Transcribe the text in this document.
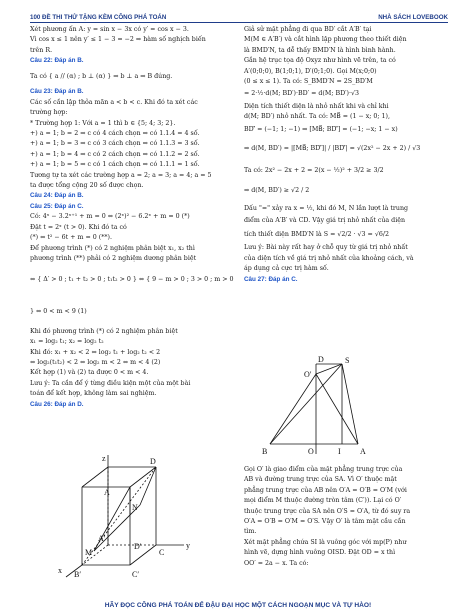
100 ĐỀ THI THỬ TẶNG KÈM CÔNG PHÁ TOÁN	NHÀ SÁCH LOVEBOOK

Xét phương ấn A: y = sin x − 3x có y′ = cos x − 3.

Vì cos x ≤ 1 nên y′ ≤ 1 − 3 = −2 ⇒ hàm số nghịch biến

trên R.

Câu 22: Đáp án B.

Ta có { a // (α) ; b ⊥ (α) } ⇒ b ⊥ a ⇒ B đúng.

Câu 23: Đáp án B.

Các số cần lập thỏa mãn a < b < c. Khi đó ta xét các

trường hợp:

* Trường hợp 1: Với a = 1 thì b ∈ {5; 4; 3; 2}.

+) a = 1; b = 2 ⇒ c có 4 cách chọn ⇒ có 1.1.4 = 4 số.

+) a = 1; b = 3 ⇒ c có 3 cách chọn ⇒ có 1.1.3 = 3 số.

+) a = 1; b = 4 ⇒ c có 2 cách chọn ⇒ có 1.1.2 = 2 số.

+) a = 1; b = 5 ⇒ c có 1 cách chọn ⇒ có 1.1.1 = 1 số.

Tương tự ta xét các trường hợp a = 2; a = 3; a = 4; a = 5

ta được tổng cộng 20 số được chọn.

Câu 24: Đáp án B.

Câu 25: Đáp án C.

Có: 4ˣ − 3.2ˣ⁺¹ + m = 0 ⇔ (2ˣ)² − 6.2ˣ + m = 0 (*)

Đặt t = 2ˣ (t > 0). Khi đó ta có

(*) ⇔ t² − 6t + m = 0 (**).

Để phương trình (*) có 2 nghiệm phân biệt x₁, x₂ thì

phương trình (**) phải có 2 nghiệm dương phân biệt

⇔ { Δ′ > 0 ; t₁ + t₂ > 0 ; t₁t₂ > 0 } ⇔ { 9 − m > 0 ; 3 > 0 ; m > 0 } ⇔ 0 < m < 9 (1)

Khi đó phương trình (*) có 2 nghiệm phân biệt

x₁ = log₂ t₁; x₂ = log₂ t₂

Khi đó: x₁ + x₂ < 2 ⇔ log₂ t₁ + log₂ t₂ < 2

⇔ log₂(t₁t₂) < 2 ⇔ log₂ m < 2 ⇔ m < 4 (2)

Kết hợp (1) và (2) ta được 0 < m < 4.

Lưu ý: Ta cần để ý từng điều kiện một của một bài

toán để kết hợp, không làm sai nghiệm.

Câu 26: Đáp án D.

A
N
D
y
C
A′
D′
M
x B′	C′
z

Giả sử mặt phẳng đi qua BD′ cắt A′B′ tại

M(M ∈ A′B′) và cắt hình lập phương theo thiết diện

là BMD′N, ta dễ thấy BMD′N là hình bình hành.

Gắn hệ trục tọa độ Oxyz như hình vẽ trên, ta có

A′(0;0;0), B(1;0;1), D′(0;1;0). Gọi M(x;0;0)

(0 ≤ x ≤ 1). Ta có: S_BMD′N = 2S_BD′M

= 2·½·d(M; BD′)·BD′ = d(M; BD′)·√3

Diện tích thiết diện là nhỏ nhất khi và chỉ khi

d(M; BD′) nhỏ nhất. Ta có: MB⃗ = (1 − x; 0; 1),

BD′⃗ = (−1; 1; −1) ⇒ [MB⃗; BD′⃗] = (−1; −x; 1 − x)

⇒ d(M, BD′) = |[MB⃗; BD′⃗]| / |BD′⃗| = √(2x² − 2x + 2) / √3

Ta có: 2x² − 2x + 2 = 2(x − ½)² + 3/2 ≥ 3/2

⇒ d(M, BD′) ≥ √2 / 2

Dấu "=" xảy ra x = ½, khi đó M, N lần lượt là trung

điểm của A′B′ và CD. Vậy giá trị nhỏ nhất của diện

tích thiết diện BMD′N là S = √2/2 · √3 = √6/2

Lưu ý: Bài này rất hay ở chỗ quy từ giá trị nhỏ nhất

của diện tích về giá trị nhỏ nhất của khoảng cách, và

áp dụng cả cực trị hàm số.

Câu 27: Đáp án C.

S
D
O′
B	O	I A

Gọi O′ là giao điểm của mặt phẳng trung trực của

AB và đường trung trực của SA. Vì O′ thuộc mặt

phẳng trung trực của AB nên O′A = O′B = O′M (với

mọi điểm M thuộc đường tròn tâm (C′)). Lại có O′

thuộc trung trực của SA nên O′S = O′A, từ đó suy ra

O′A = O′B = O′M = O′S. Vậy O′ là tâm mặt cầu cần

tìm.

Xét mặt phẳng chứa SI là vuông góc với mp(P) như

hình vẽ, dựng hình vuông OISD. Đặt OD = x thì

OO′ = 2a − x. Ta có:

HÃY ĐỌC CÔNG PHÁ TOÁN ĐỂ ĐẬU ĐẠI HỌC MỘT CÁCH NGOẠN MỤC VÀ TỰ HÀO!
